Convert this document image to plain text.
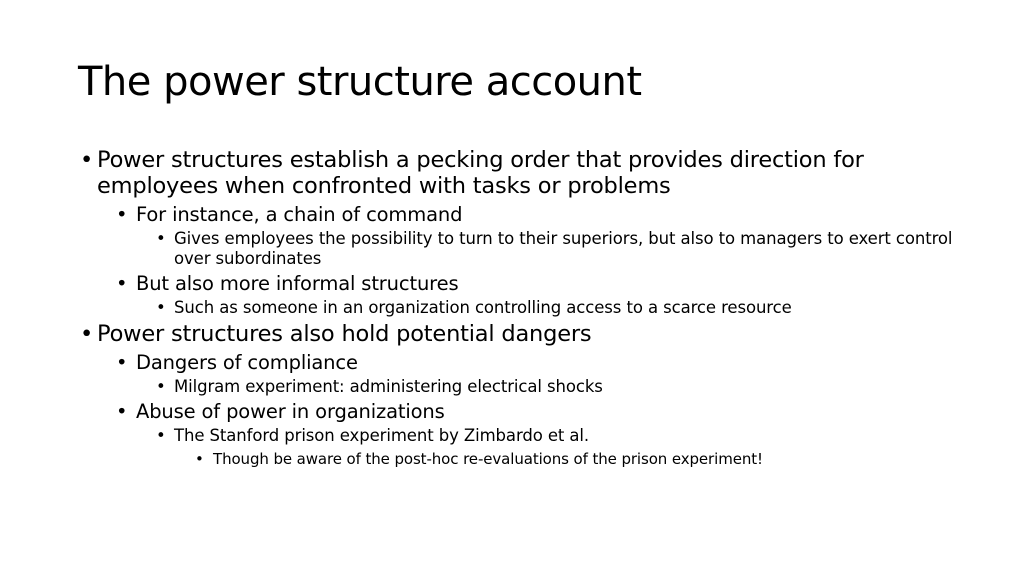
The power structure account
• Power structures establish a pecking order that provides direction for employees when confronted with tasks or problems
• For instance, a chain of command
• Gives employees the possibility to turn to their superiors, but also to managers to exert control over subordinates
• But also more informal structures
• Such as someone in an organization controlling access to a scarce resource
• Power structures also hold potential dangers
• Dangers of compliance
• Milgram experiment: administering electrical shocks
• Abuse of power in organizations
• The Stanford prison experiment by Zimbardo et al.
• Though be aware of the post-hoc re-evaluations of the prison experiment!
